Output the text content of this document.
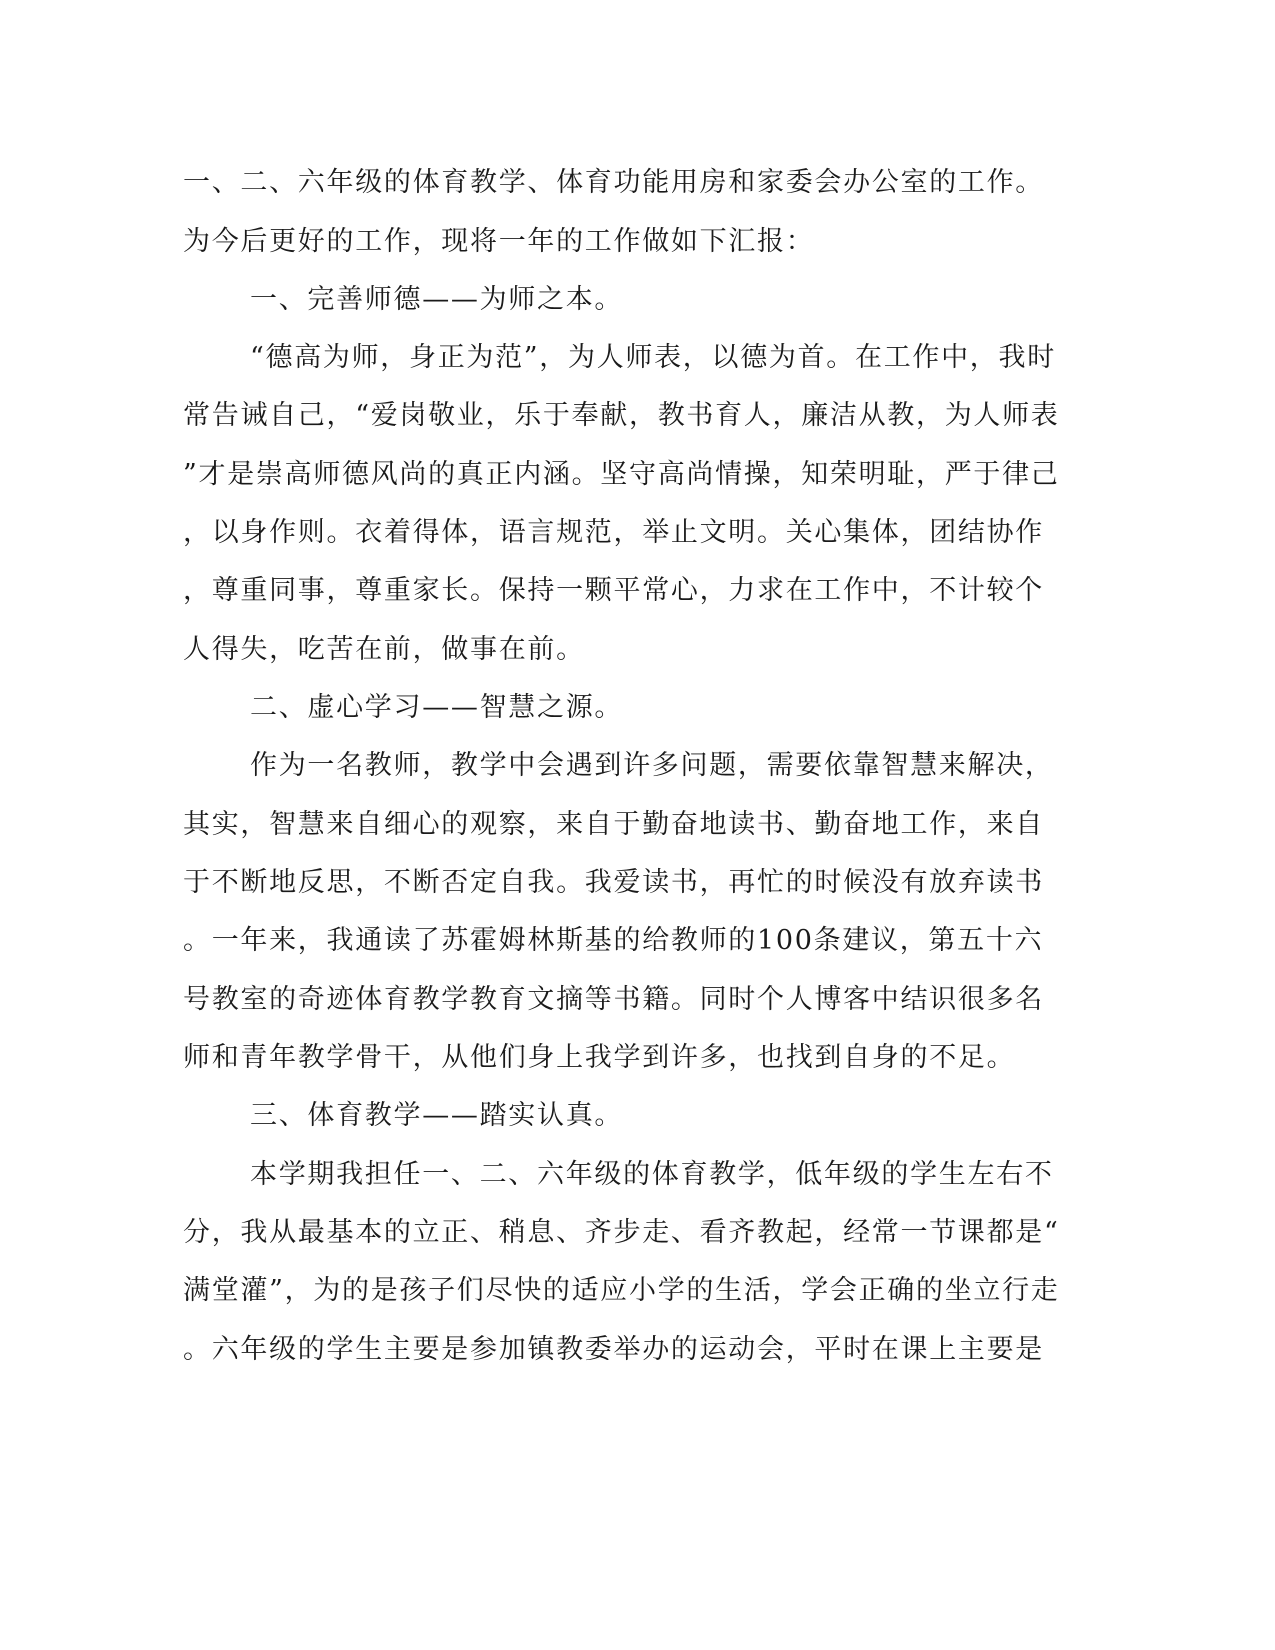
一、二、六年级的体育教学、体育功能用房和家委会办公室的工作。
为今后更好的工作，现将一年的工作做如下汇报：
一、完善师德——为师之本。
“德高为师，身正为范”，为人师表，以德为首。在工作中，我时
常告诫自己，“爱岗敬业，乐于奉献，教书育人，廉洁从教，为人师表
”才是崇高师德风尚的真正内涵。坚守高尚情操，知荣明耻，严于律己
，以身作则。衣着得体，语言规范，举止文明。关心集体，团结协作
，尊重同事，尊重家长。保持一颗平常心，力求在工作中，不计较个
人得失，吃苦在前，做事在前。
二、虚心学习——智慧之源。
作为一名教师，教学中会遇到许多问题，需要依靠智慧来解决，
其实，智慧来自细心的观察，来自于勤奋地读书、勤奋地工作，来自
于不断地反思，不断否定自我。我爱读书，再忙的时候没有放弃读书
。一年来，我通读了苏霍姆林斯基的给教师的100条建议，第五十六
号教室的奇迹体育教学教育文摘等书籍。同时个人博客中结识很多名
师和青年教学骨干，从他们身上我学到许多，也找到自身的不足。
三、体育教学——踏实认真。
本学期我担任一、二、六年级的体育教学，低年级的学生左右不
分，我从最基本的立正、稍息、齐步走、看齐教起，经常一节课都是“
满堂灌”，为的是孩子们尽快的适应小学的生活，学会正确的坐立行走
。六年级的学生主要是参加镇教委举办的运动会，平时在课上主要是
